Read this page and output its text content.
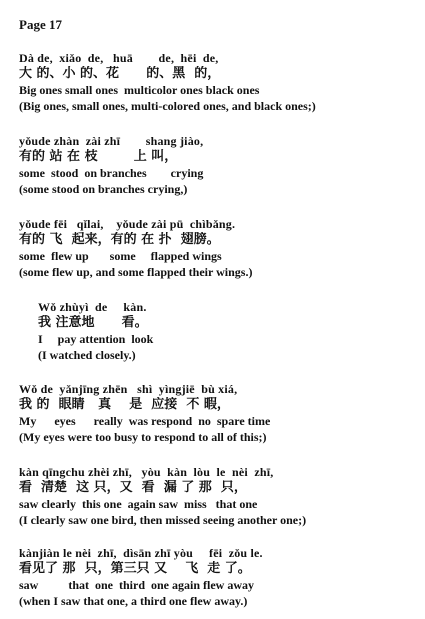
Page 17
Dà de,  xiǎo  de,   huā        de,  hēi  de,
大 的、小 的、花      的、黑  的，
Big ones small ones  multicolor ones black ones
(Big ones, small ones, multi-colored ones, and black ones;)
yǒude zhàn  zài zhī        shang jiào,
有的 站 在 枝        上 叫，
some  stood  on branches        crying
(some stood on branches crying,)
yǒude fēi   qǐlai,    yǒude zài pū  chìbǎng.
有的 飞  起来，有的 在 扑  翅膀。
some  flew up       some     flapped wings
(some flew up, and some flapped their wings.)
Wǒ zhùyì  de     kàn.
我 注意地      看。
I     pay attention  look
(I watched closely.)
Wǒ de  yǎnjīng zhēn   shì  yìngjiē  bù xiá,
我 的  眼睛   真    是  应接  不 暇，
My      eyes      really  was respond  no  spare time
(My eyes were too busy to respond to all of this;)
kàn qīngchu zhèi zhī,   yòu  kàn  lòu  le  nèi  zhī,
看  清楚  这 只，又  看  漏 了 那  只，
saw clearly  this one  again saw  miss   that one
(I clearly saw one bird, then missed seeing another one;)
kànjiàn le nèi  zhī,  dìsān zhī yòu     fēi  zǒu le.
看见了 那  只，第三只 又    飞  走 了。
saw          that  one  third  one again flew away
(when I saw that one, a third one flew away.)
